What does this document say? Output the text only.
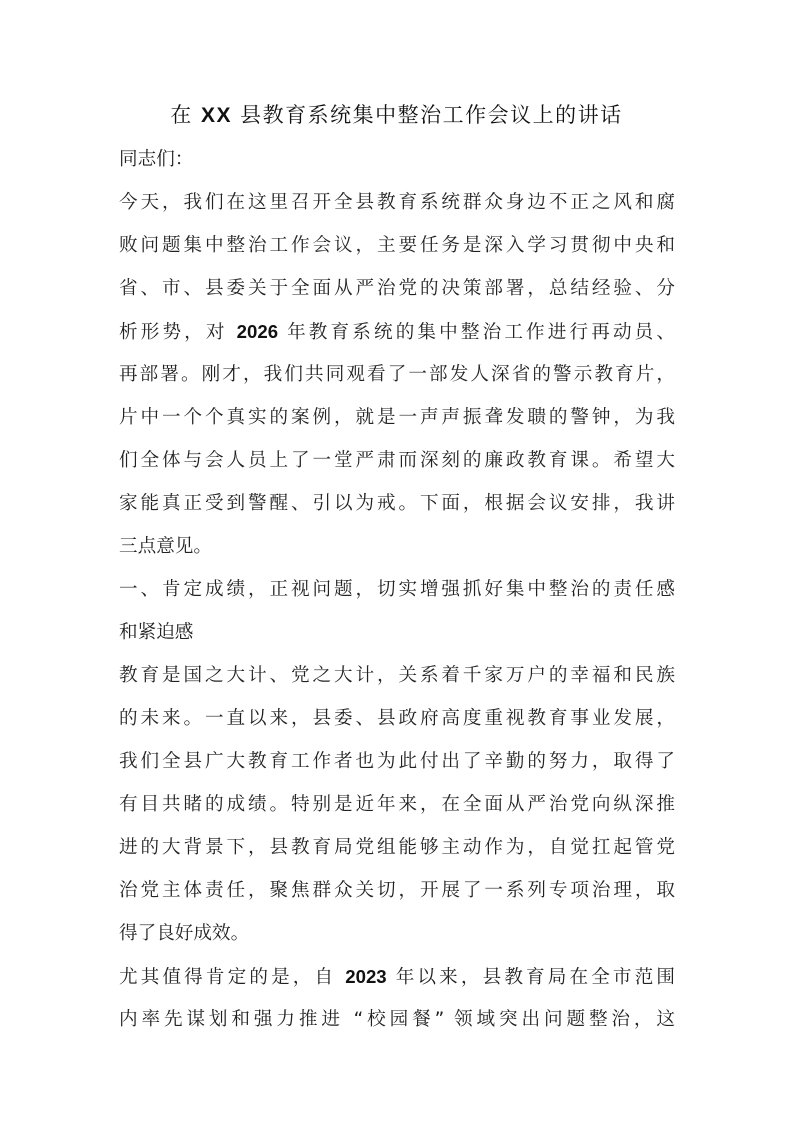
在 XX 县教育系统集中整治工作会议上的讲话
同志们：
今天，我们在这里召开全县教育系统群众身边不正之风和腐
败问题集中整治工作会议，主要任务是深入学习贯彻中央和
省、市、县委关于全面从严治党的决策部署，总结经验、分
析形势，对 2026 年教育系统的集中整治工作进行再动员、
再部署。刚才，我们共同观看了一部发人深省的警示教育片，
片中一个个真实的案例，就是一声声振聋发聩的警钟，为我
们全体与会人员上了一堂严肃而深刻的廉政教育课。希望大
家能真正受到警醒、引以为戒。下面，根据会议安排，我讲
三点意见。
一、肯定成绩，正视问题，切实增强抓好集中整治的责任感
和紧迫感
教育是国之大计、党之大计，关系着千家万户的幸福和民族
的未来。一直以来，县委、县政府高度重视教育事业发展，
我们全县广大教育工作者也为此付出了辛勤的努力，取得了
有目共睹的成绩。特别是近年来，在全面从严治党向纵深推
进的大背景下，县教育局党组能够主动作为，自觉扛起管党
治党主体责任，聚焦群众关切，开展了一系列专项治理，取
得了良好成效。
尤其值得肯定的是，自 2023 年以来，县教育局在全市范围
内率先谋划和强力推进 “校园餐” 领域突出问题整治，这
